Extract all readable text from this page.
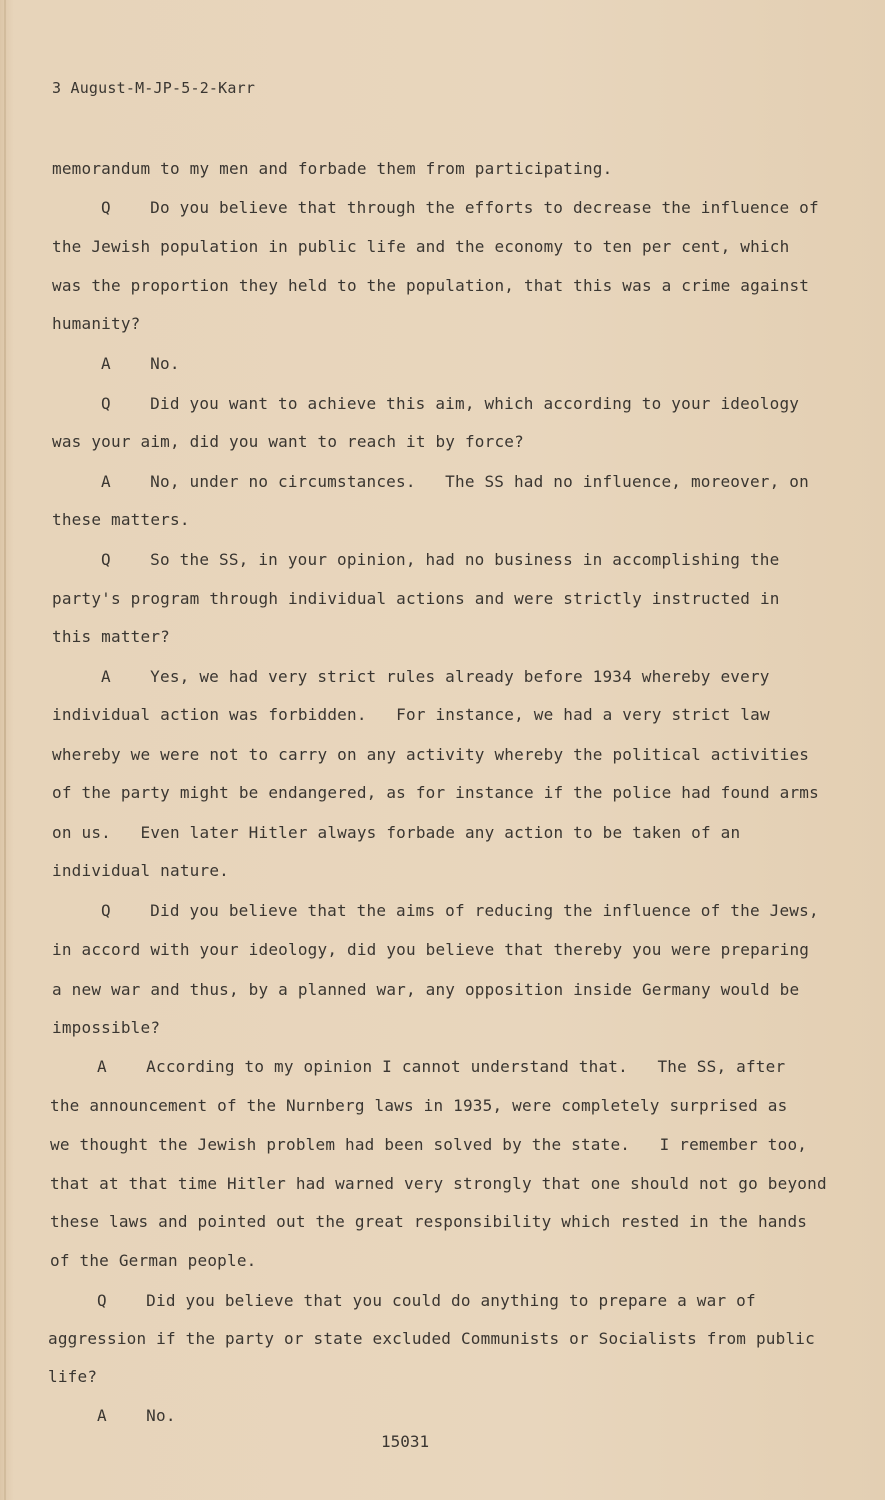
3 August-M-JP-5-2-Karr
memorandum to my men and forbade them from participating.
Q    Do you believe that through the efforts to decrease the influence of
the Jewish population in public life and the economy to ten per cent, which
was the proportion they held to the population, that this was a crime against
humanity?
A    No.
Q    Did you want to achieve this aim, which according to your ideology
was your aim, did you want to reach it by force?
A    No, under no circumstances.   The SS had no influence, moreover, on
these matters.
Q    So the SS, in your opinion, had no business in accomplishing the
party's program through individual actions and were strictly instructed in
this matter?
A    Yes, we had very strict rules already before 1934 whereby every
individual action was forbidden.   For instance, we had a very strict law
whereby we were not to carry on any activity whereby the political activities
of the party might be endangered, as for instance if the police had found arms
on us.   Even later Hitler always forbade any action to be taken of an
individual nature.
Q    Did you believe that the aims of reducing the influence of the Jews,
in accord with your ideology, did you believe that thereby you were preparing
a new war and thus, by a planned war, any opposition inside Germany would be
impossible?
A    According to my opinion I cannot understand that.   The SS, after
the announcement of the Nurnberg laws in 1935, were completely surprised as
we thought the Jewish problem had been solved by the state.   I remember too,
that at that time Hitler had warned very strongly that one should not go beyond
these laws and pointed out the great responsibility which rested in the hands
of the German people.
Q    Did you believe that you could do anything to prepare a war of
aggression if the party or state excluded Communists or Socialists from public
life?
A    No.
15031
